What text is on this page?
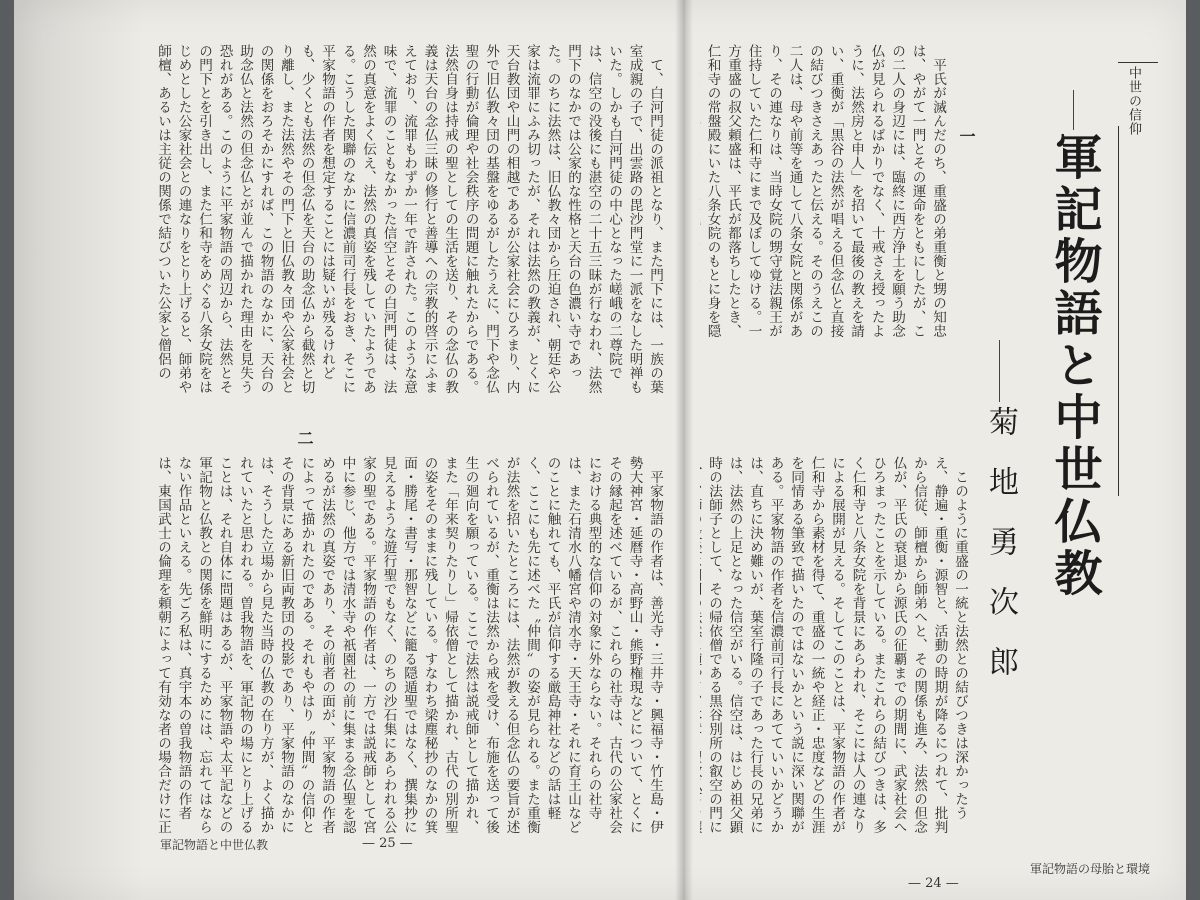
て、白河門徒の派祖となり、また門下には、一族の葉室成親の子で、出雲路の毘沙門堂に一派をなした明禅もいた。しかも白河門徒の中心となった嵯峨の二尊院では、信空の没後にも湛空の二十五三昧が行なわれ、法然門下のなかでは公家的な性格と天台の色濃い寺であった。のちに法然は、旧仏教々団から圧迫され、朝廷や公家は流罪にふみ切ったが、それは法然の教義が、とくに天台教団や山門の相越であるが公家社会にひろまり、内外で旧仏教々団の基盤をゆるがしたうえに、門下や念仏聖の行動が倫理や社会秩序の問題に触れたからである。法然自身は持戒の聖としての生活を送り、その念仏の教義は天台の念仏三昧の修行と善導への宗教的啓示にふまえており、流罪もわずか一年で許された。このような意味で、流罪のこともなかった信空とその白河門徒は、法然の真意をよく伝え、法然の真姿を残していたようである。こうした関聯のなかに信濃前司行長をおき、そこに平家物語の作者を想定することには疑いが残るけれども、少くとも法然の但念仏を天台の助念仏から截然と切り離し、また法然やその門下と旧仏教々団や公家社会との関係をおろそかにすれば、この物語のなかに、天台の助念仏と法然の但念仏とが並んで描かれた理由を見失う恐れがある。このように平家物語の周辺から、法然とその門下とを引き出し、また仁和寺をめぐる八条女院をはじめとした公家社会との連なりをとり上げると、師弟や師檀、あるいは主従の関係で結びついた公家と僧侶の

二

平家物語の作者は、善光寺・三井寺・興福寺・竹生島・伊勢大神宮・延暦寺・高野山・熊野権現などについて、とくにその縁起を述べているが、これらの社寺は、古代の公家社会における典型的な信仰の対象に外ならない。それらの社寺は、また石清水八幡宮や清水寺・天王寺・それに育王山などのことに触れても、平氏が信仰する厳島神社などの話は軽く、ここにも先に述べた〝仲間〟の姿が見られる。また重衡が法然を招いたところには、法然が教える但念仏の要旨が述べられているが、重衡は法然から戒を受け、布施を送って後生の廻向を願っている。ここで法然は説戒師として描かれ、また「年来契りたりし」帰依僧として描かれ、古代の別所聖の姿をそのままに残している。すなわち梁塵秘抄のなかの箕面・勝尾・書写・那智などに籠る隠遁聖ではなく、撰集抄に見えるような遊行聖でもなく、のちの沙石集にあらわれる公家の聖である。平家物語の作者は、一方では説戒師として宮中に参じ、他方では清水寺や祇園社の前に集まる念仏聖を認めるが法然の真姿であり、その前者の面が、平家物語の作者によって描かれたのである。それもやはり〝仲間〟の信仰とその背景にある新旧両教団の投影であり、平家物語のなかには、そうした立場から見た当時の仏教の在り方が、よく描かれていたと思われる。曽我物語を、軍記物の場にとり上げることは、それ自体に問題はあるが、平家物語や太平記などの軍記物と仏教との関係を鮮明にするためには、忘れてはならない作品といえる。先ごろ私は、真宇本の曽我物語の作者は、東国武士の倫理を頼朝によって有効な者の場合だけに正

軍記物語と中世仏教	— 25 —
中世の信仰
軍記物語と中世仏教
菊地勇次郎
一

平氏が滅んだのち、重盛の弟重衡と甥の知忠は、やがて一門とその運命をともにしたが、この二人の身辺には、臨終に西方浄土を願う助念仏が見られるばかりでなく、十戒さえ授ったように、法然房と申人」を招いて最後の教えを請い、重衡が「黒谷の法然が唱える但念仏と直接の結びつきさえあったと伝える。そのうえこの二人は、母や前等を通して八条女院と関係があり、その連なりは、当時女院の甥守覚法親王が住持していた仁和寺にまで及ぼしてゆける。一方重盛の叔父頼盛は、平氏が都落ちしたとき、仁和寺の常盤殿にいた八条女院のもとに身を隠

このように重盛の一統と法然との結びつきは深かったうえ、静遍・重衡・源智と、活動の時期が降るにつれて、批判から信従、師檀から師弟へと、その関係も進み、法然の但念仏が、平氏の衰退から源氏の征覇までの期間に、武家社会へひろまったことを示している。またこれらの結びつきは、多く仁和寺と八条女院を背景にあらわれ、そこには人の連なりによる展開が見える。そしてこのことは、平家物語の作者が仁和寺から素材を得て、重盛の一統や経正・忠度などの生涯を同情ある筆致で描いたのではないかという説に深い関聯がある。平家物語の作者を信濃前司行長にあてていいかどうかは、直ちに決め難いが、葉室行隆の子であった行長の兄弟には、法然の上足となった信空がいる。信空は、はじめ祖父顕時の法師子として、その帰依僧である黒谷別所の叡空の門に

軍記物語の母胎と環境
— 24 —
